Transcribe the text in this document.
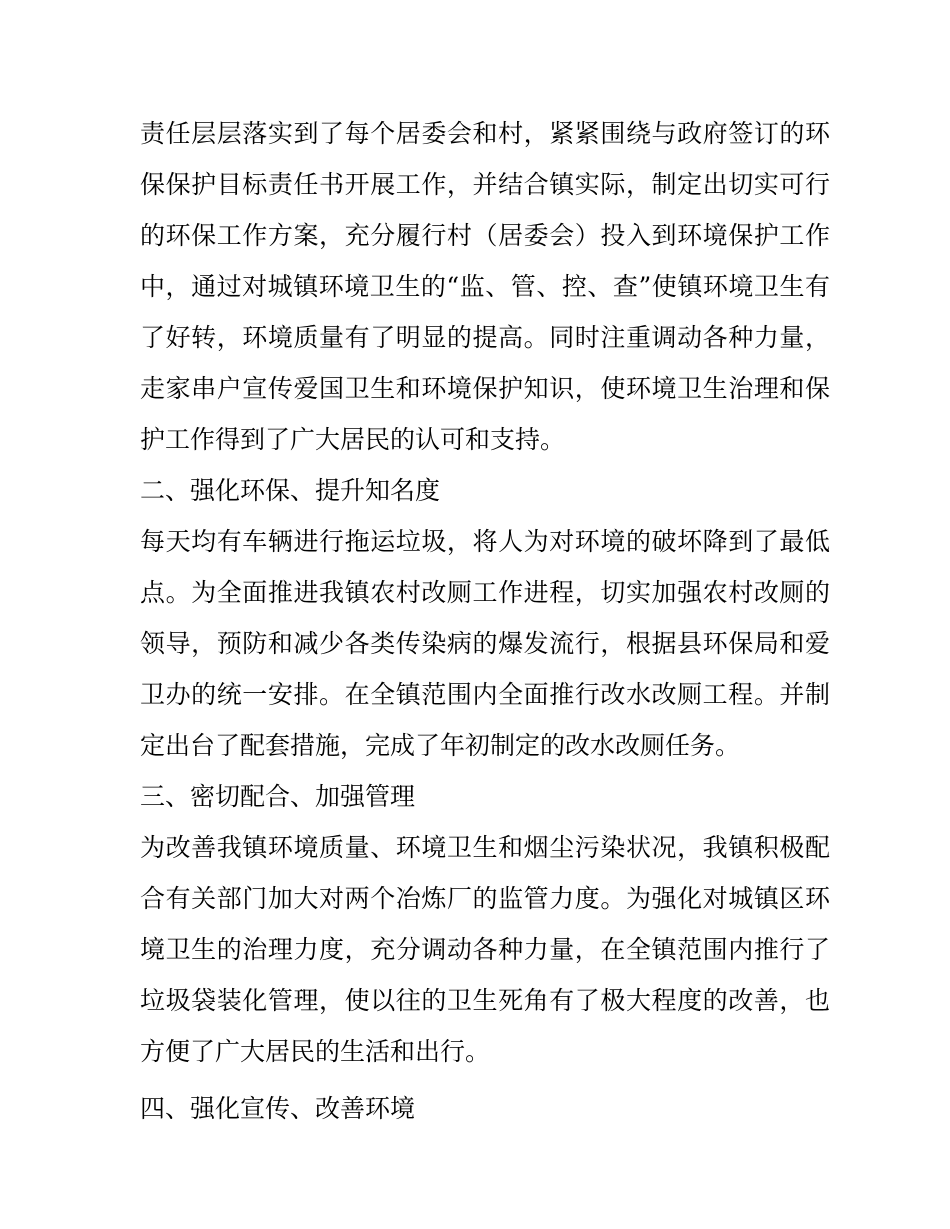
责任层层落实到了每个居委会和村，紧紧围绕与政府签订的环
保保护目标责任书开展工作，并结合镇实际，制定出切实可行
的环保工作方案，充分履行村（居委会）投入到环境保护工作
中，通过对城镇环境卫生的“监、管、控、查”使镇环境卫生有
了好转，环境质量有了明显的提高。同时注重调动各种力量，
走家串户宣传爱国卫生和环境保护知识，使环境卫生治理和保
护工作得到了广大居民的认可和支持。
二、强化环保、提升知名度
每天均有车辆进行拖运垃圾，将人为对环境的破坏降到了最低
点。为全面推进我镇农村改厕工作进程，切实加强农村改厕的
领导，预防和减少各类传染病的爆发流行，根据县环保局和爱
卫办的统一安排。在全镇范围内全面推行改水改厕工程。并制
定出台了配套措施，完成了年初制定的改水改厕任务。
三、密切配合、加强管理
为改善我镇环境质量、环境卫生和烟尘污染状况，我镇积极配
合有关部门加大对两个冶炼厂的监管力度。为强化对城镇区环
境卫生的治理力度，充分调动各种力量，在全镇范围内推行了
垃圾袋装化管理，使以往的卫生死角有了极大程度的改善，也
方便了广大居民的生活和出行。
四、强化宣传、改善环境
